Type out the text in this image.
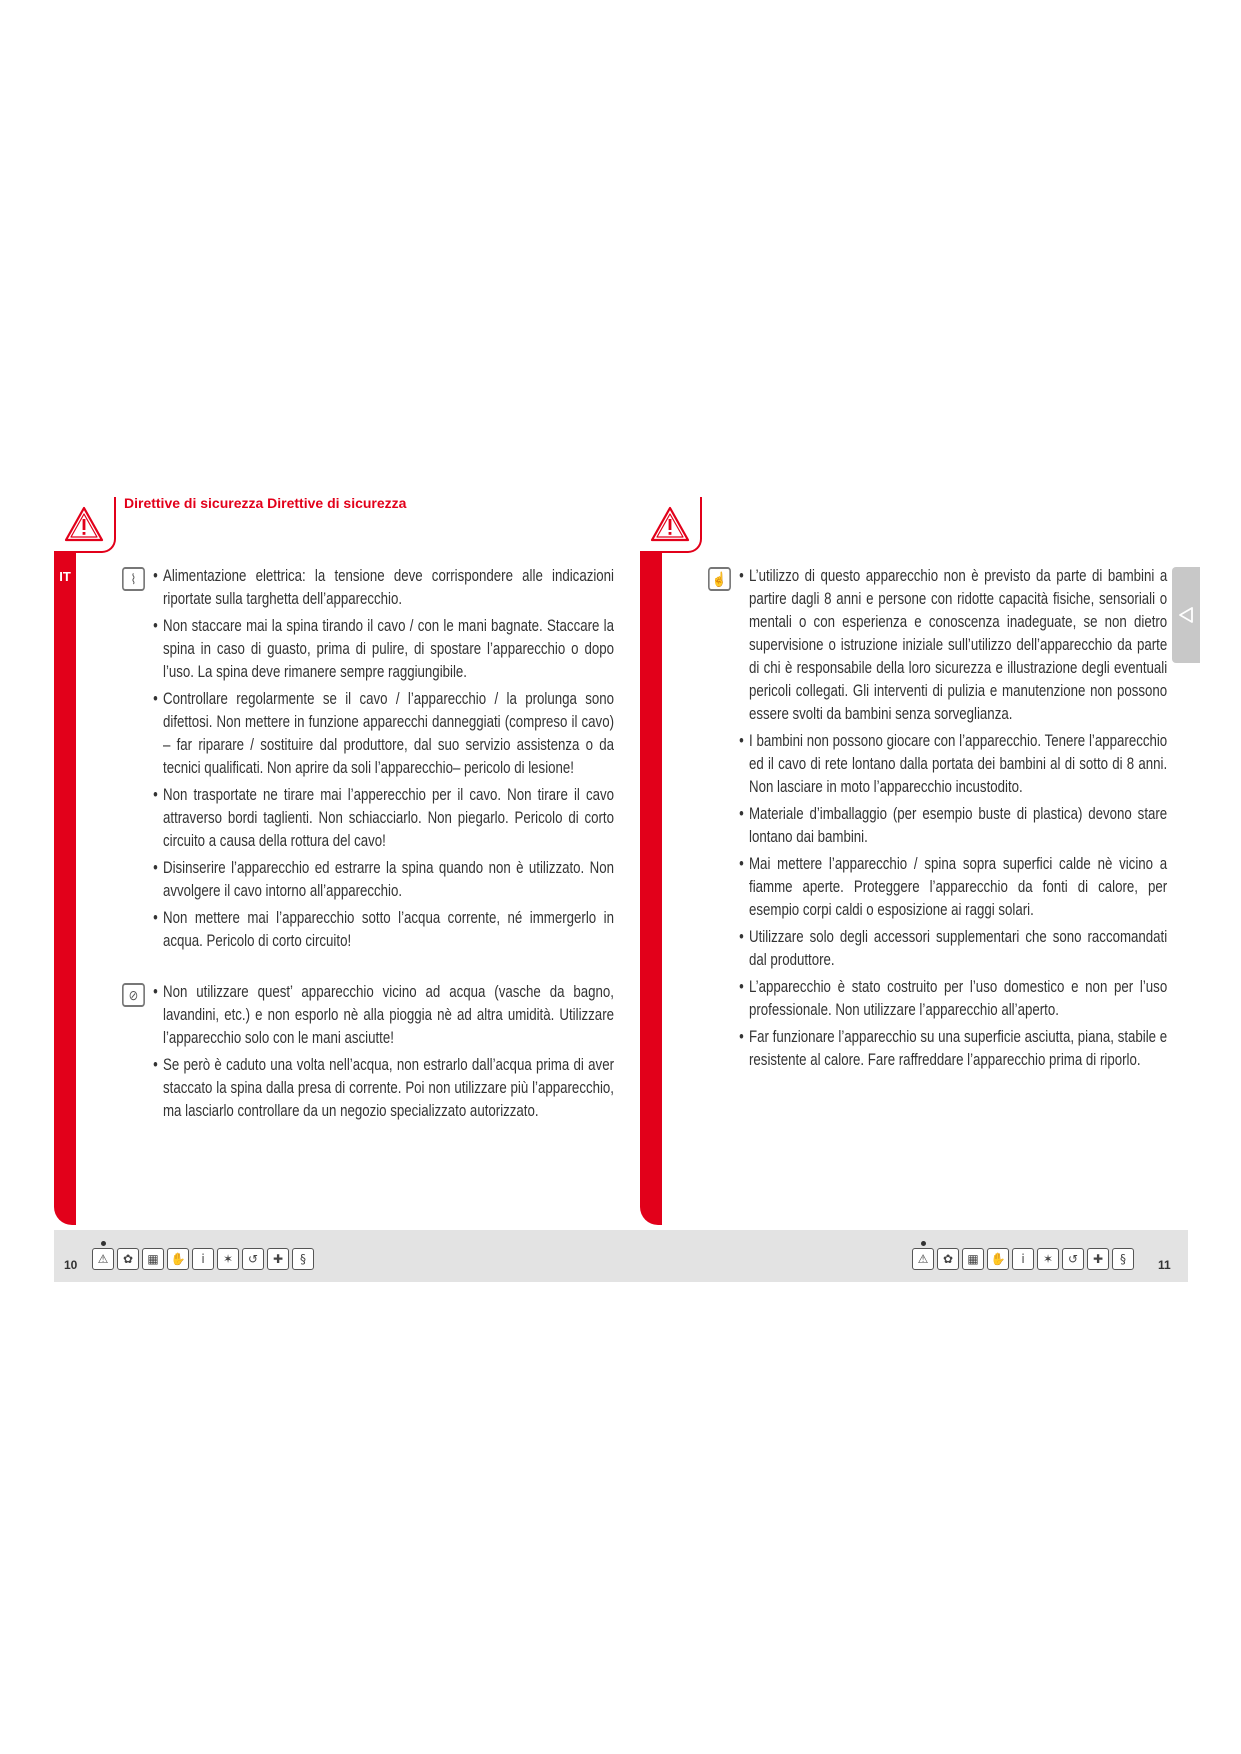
Direttive di sicurezza Direttive di sicurezza
IT	⌇	• Alimentazione elettrica: la tensione deve corrispondere alle indicazioni riportate sulla targhetta dell’apparecchio.
• Non staccare mai la spina tirando il cavo / con le mani bagnate. Staccare la spina in caso di guasto, prima di pulire, di spostare l’apparecchio o dopo l’uso. La spina deve rimanere sempre raggiungibile.
• Controllare regolarmente se il cavo / l’apparecchio / la prolunga sono difettosi. Non mettere in funzione apparecchi danneggiati (compreso il cavo) – far riparare / sostituire dal produttore, dal suo servizio assistenza o da tecnici qualificati. Non aprire da soli l’apparecchio– pericolo di lesione!
• Non trasportate ne tirare mai l’apperecchio per il cavo. Non tirare il cavo attraverso bordi taglienti. Non schiacciarlo. Non piegarlo. Pericolo di corto circuito a causa della rottura del cavo!
• Disinserire l’apparecchio ed estrarre la spina quando non è utilizzato. Non avvolgere il cavo intorno all’apparecchio.
• Non mettere mai l’apparecchio sotto l’acqua corrente, né immergerlo in acqua. Pericolo di corto circuito!
⊘	• Non utilizzare quest’ apparecchio vicino ad acqua (vasche da bagno, lavandini, etc.) e non esporlo nè alla pioggia nè ad altra umidità. Utilizzare l’apparecchio solo con le mani asciutte!
• Se però è caduto una volta nell’acqua, non estrarlo dall’acqua prima di aver staccato la spina dalla presa di corrente. Poi non utilizzare più l’apparecchio, ma lasciarlo controllare da un negozio specializzato autorizzato.
☝	• L’utilizzo di questo apparecchio non è previsto da parte di bambini a partire dagli 8 anni e persone con ridotte capacità fisiche, sensoriali o mentali o con esperienza e conoscenza inadeguate, se non dietro supervisione o istruzione iniziale sull’utilizzo dell’apparecchio da parte di chi è responsabile della loro sicurezza e illustrazione degli eventuali pericoli collegati. Gli interventi di pulizia e manutenzione non possono essere svolti da bambini senza sorveglianza.
• I bambini non possono giocare con l’apparecchio. Tenere l’apparecchio ed il cavo di rete lontano dalla portata dei bambini al di sotto di 8 anni. Non lasciare in moto l’apparecchio incustodito.
• Materiale d’imballaggio (per esempio buste di plastica) devono stare lontano dai bambini.
• Mai mettere l’apparecchio / spina sopra superfici calde nè vicino a fiamme aperte. Proteggere l’apparecchio da fonti di calore, per esempio corpi caldi o esposizione ai raggi solari.
• Utilizzare solo degli accessori supplementari che sono raccomandati dal produttore.
• L’apparecchio è stato costruito per l’uso domestico e non per l’uso professionale. Non utilizzare l’apparecchio all’aperto.
• Far funzionare l’apparecchio su una superficie asciutta, piana, stabile e resistente al calore. Fare raffreddare l’apparecchio prima di riporlo.
10	⚠	✿	▦ ✋	i	✶	↺	✚	§	⚠	✿	▦ ✋	i	✶	↺	✚	§	11
